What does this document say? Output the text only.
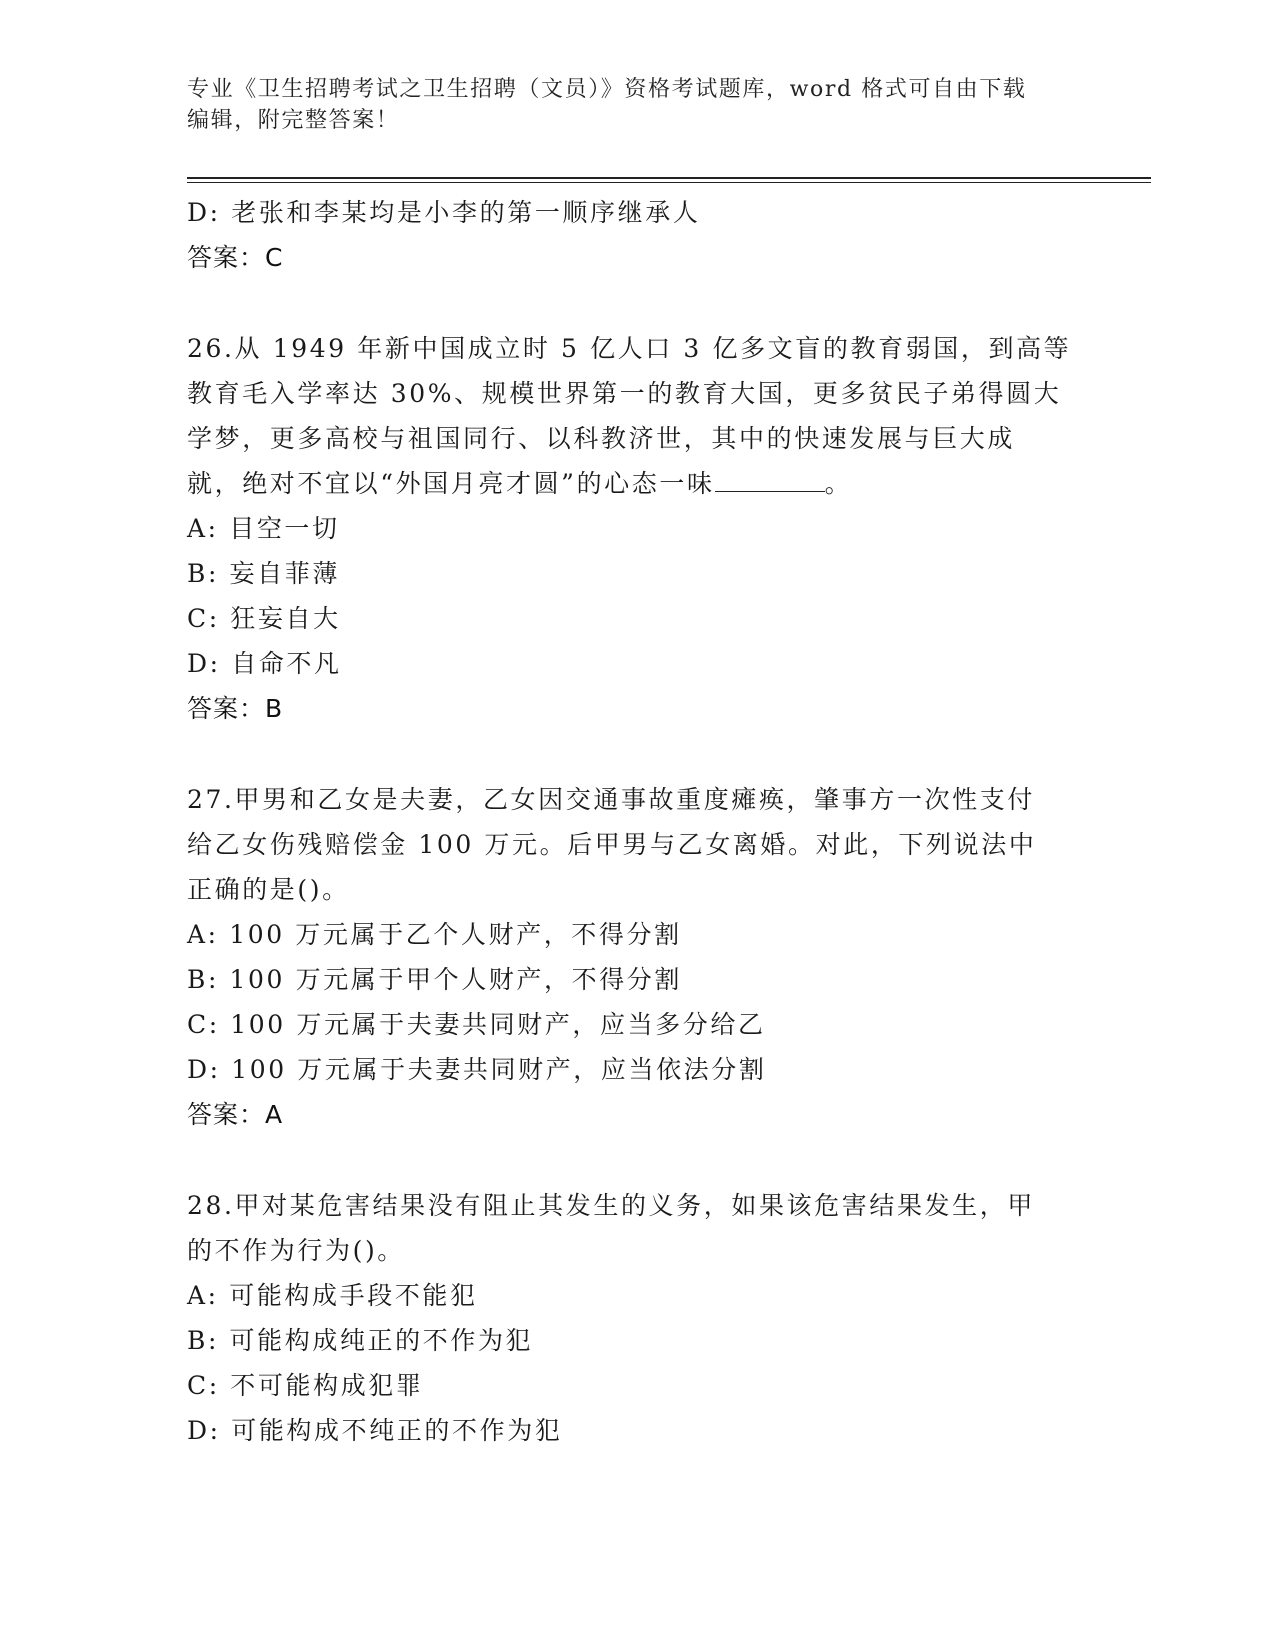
专业《卫生招聘考试之卫生招聘（文员）》资格考试题库，word 格式可自由下载
编辑，附完整答案！
D: 老张和李某均是小李的第一顺序继承人
答案：C
26.从 1949 年新中国成立时 5 亿人口 3 亿多文盲的教育弱国，到高等
教育毛入学率达 30%、规模世界第一的教育大国，更多贫民子弟得圆大
学梦，更多高校与祖国同行、以科教济世，其中的快速发展与巨大成
就，绝对不宜以“外国月亮才圆”的心态一味	。
A: 目空一切
B: 妄自菲薄
C: 狂妄自大
D: 自命不凡
答案：B
27.甲男和乙女是夫妻，乙女因交通事故重度瘫痪，肇事方一次性支付
给乙女伤残赔偿金 100 万元。后甲男与乙女离婚。对此，下列说法中
正确的是()。
A: 100 万元属于乙个人财产，不得分割
B: 100 万元属于甲个人财产，不得分割
C: 100 万元属于夫妻共同财产，应当多分给乙
D: 100 万元属于夫妻共同财产，应当依法分割
答案：A
28.甲对某危害结果没有阻止其发生的义务，如果该危害结果发生，甲
的不作为行为()。
A: 可能构成手段不能犯
B: 可能构成纯正的不作为犯
C: 不可能构成犯罪
D: 可能构成不纯正的不作为犯
